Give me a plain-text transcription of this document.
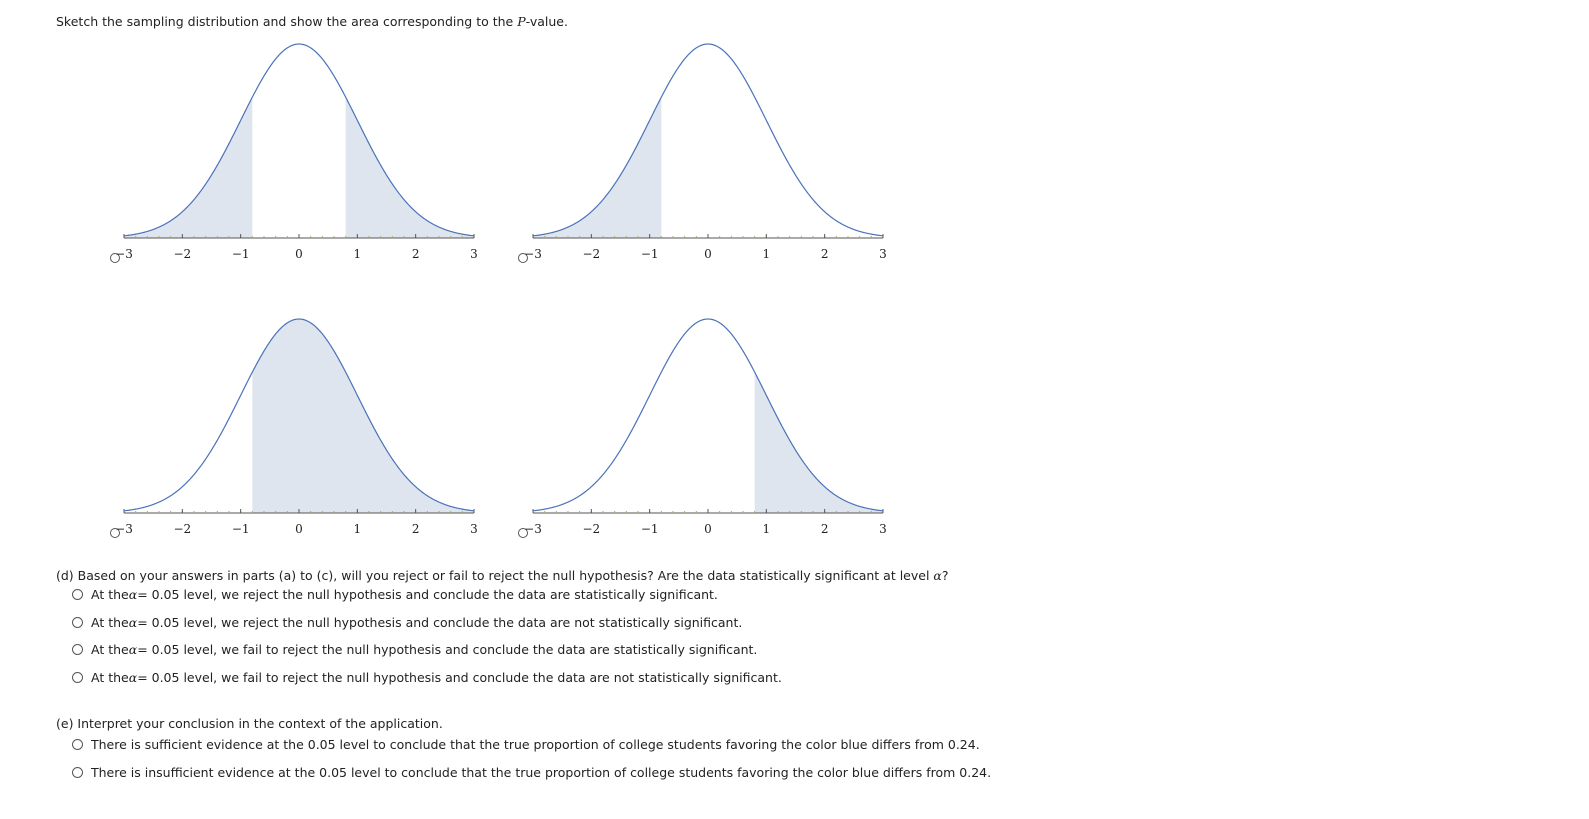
Sketch the sampling distribution and show the area corresponding to the P-value.
−3	−2	−1	0	1	2	3	−3	−2	−1	0	1	2	3
−3	−2	−1	0	1	2	3	−3	−2	−1	0	1	2	3
(d) Based on your answers in parts (a) to (c), will you reject or fail to reject the null hypothesis? Are the data statistically significant at level α?
At the α = 0.05 level, we reject the null hypothesis and conclude the data are statistically significant.
At the α = 0.05 level, we reject the null hypothesis and conclude the data are not statistically significant.
At the α = 0.05 level, we fail to reject the null hypothesis and conclude the data are statistically significant.
At the α = 0.05 level, we fail to reject the null hypothesis and conclude the data are not statistically significant.
(e) Interpret your conclusion in the context of the application.
There is sufficient evidence at the 0.05 level to conclude that the true proportion of college students favoring the color blue differs from 0.24.
There is insufficient evidence at the 0.05 level to conclude that the true proportion of college students favoring the color blue differs from 0.24.
